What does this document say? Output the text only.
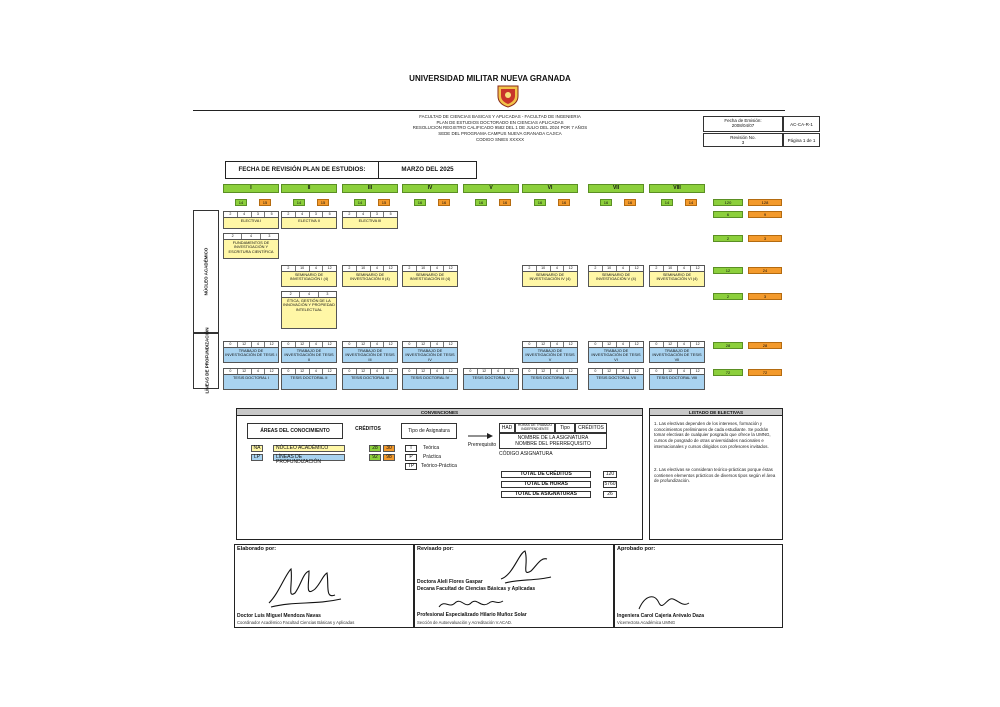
UNIVERSIDAD MILITAR NUEVA GRANADA
FACULTAD DE CIENCIAS BASICAS Y APLICADAS - FACULTAD DE INGENIERIA
PLAN DE ESTUDIOS DOCTORADO EN CIENCIAS APLICADAS
RESOLUCION REGISTRO CALIFICADO 9582 DEL 1 DE JULIO DEL 2024 POR 7 AÑOS
SEDE DEL PROGRAMA CAMPUS NUEVA GRANADA CAJICA
CODIGO SNIES XXXXX
Fecha de Emisión:
2008/04/07	AC-CA-R-1
Revisión No.
3	Página 1 de 1
FECHA DE REVISIÓN PLAN DE ESTUDIOS:	MARZO DEL 2025
I
14	15
II
14	15
III
14	15
IV
16	16
V
16	16
VI
16	16
VII
16	16
VIII
14	14	120	128
NÚCLEO ACADÉMICO
LÍNEAS DE PROFUNDIZACIÓN
2	4	3	5
ELECTIVA I
2	4	3
FUNDAMENTOS DE INVESTIGACIÓN Y ESCRITURA CIENTÍFICA
2	4	3	5
ELECTIVA II
2	10	4	12
SEMINARIO DE INVESTIGACIÓN I (4)
2	4	3
ÉTICA, GESTIÓN DE LA INNOVACIÓN Y PROPIEDAD INTELECTUAL
2	4	3	5
ELECTIVA III
2	10	4	12
SEMINARIO DE INVESTIGACIÓN II (4)
2	10	4	12
SEMINARIO DE INVESTIGACIÓN III (4)
2	10	4	12
SEMINARIO DE INVESTIGACIÓN IV (4)
2	10	4	12
SEMINARIO DE INVESTIGACIÓN V (4)
2	10	4	12
SEMINARIO DE INVESTIGACIÓN VI (4)
0	12	4	12
TRABAJO DE INVESTIGACIÓN DE TESIS I
0	12	4	12
TRABAJO DE INVESTIGACIÓN DE TESIS II
0	12	4	12
TRABAJO DE INVESTIGACIÓN DE TESIS III
0	12	4	12
TRABAJO DE INVESTIGACIÓN DE TESIS IV
0	12	4	12
TRABAJO DE INVESTIGACIÓN DE TESIS V
0	12	4	12
TRABAJO DE INVESTIGACIÓN DE TESIS VI
0	12	4	12
TRABAJO DE INVESTIGACIÓN DE TESIS VII
0	12	4	12
TESIS DOCTORAL I
0	12	4	12
TESIS DOCTORAL II
0	12	4	12
TESIS DOCTORAL III
0	12	4	12
TESIS DOCTORAL IV
0	12	4	12
TESIS DOCTORAL V
0	12	4	12
TESIS DOCTORAL VI
0	12	4	12
TESIS DOCTORAL VII
0	12	4	12
TESIS DOCTORAL VIII
6	9
2	3
12	24
2	3
28	28
72	72
CONVENCIONES
ÁREAS DEL CONOCIMIENTO	CRÉDITOS	Tipo de Asignatura
NA	NÚCLEO ACADÉMICO	28	30
LP	LÍNEAS DE PROFUNDIZACIÓN
92	98
T	Teórica
P	Práctica
TP	Teórico-Práctica
Prerrequisito
HAD	HORAS DE TRABAJO INDEPENDIENTE	Tipo	CRÉDITOS
NOMBRE DE LA ASIGNATURA
NOMBRE DEL PRERREQUISITO
CÓDIGO ASIGNATURA
TOTAL DE CRÉDITOS	120
TOTAL DE HORAS	5760
TOTAL DE ASIGNATURAS	26
LISTADO DE ELECTIVAS

1. Las electivas dependen de los intereses, formación y conocimientos preliminares de cada estudiante. Se podrán tomar electivas de cualquier posgrado que ofrece la UMNG, cursos de posgrado de otras universidades nacionales e internacionales y cursos dirigidos con profesores invitados.

2. Las electivas se consideran teórico-prácticas porque éstas contienen elementos prácticos de diversos tipos según el área de profundización.

Elaborado por:
Doctor Luis Miguel Mendoza Navas
Coordinador Académico Facultad Ciencias Básicas y Aplicadas
Revisado por:
Doctora Aleli Flores Gaspar
Decana Facultad de Ciencias Básicas y Aplicadas
Profesional Especializado Hilario Muñoz Solar
Sección de Autoevaluación y Acreditación V.ACAD.
Aprobado por:
Ingeniera Carol Cajeria Arévalo Daza
Vicerrectora Académica UMNG
